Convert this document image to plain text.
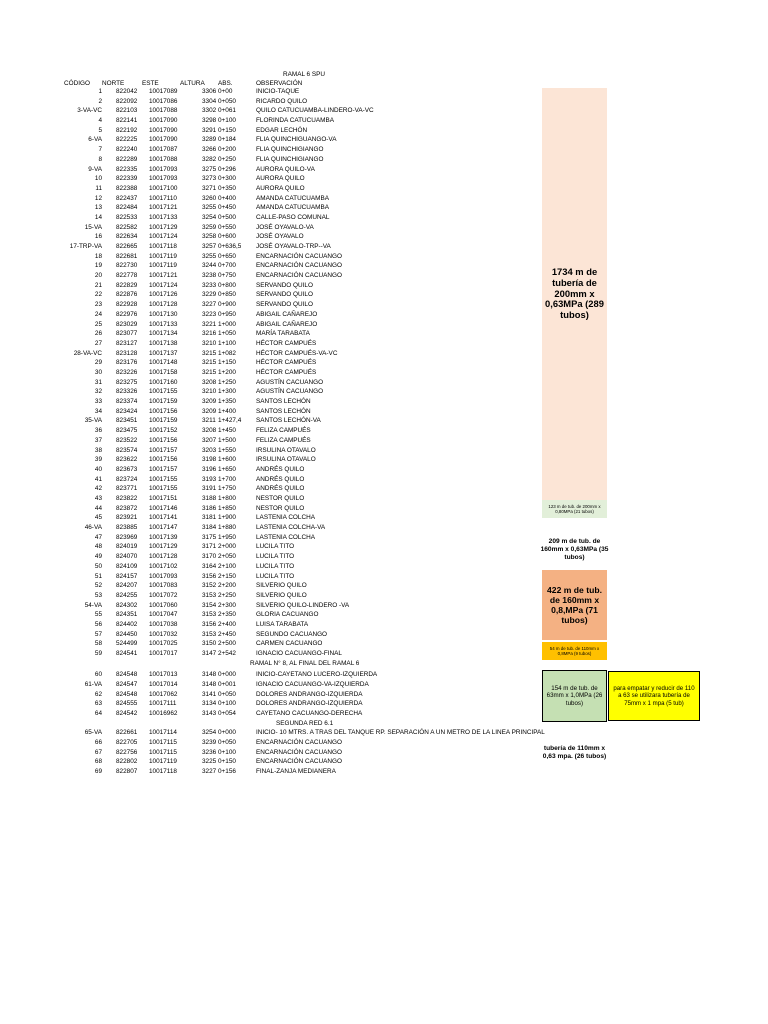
RAMAL 6 SPU
CÓDIGO NORTE	ESTE	ALTURA ABS.	OBSERVACIÓN
1 822042 10017089	3306 0+00	INICIO-TAQUE
2 822092 10017086	3304 0+050	RICARDO QUILO
3-VA-VC 822103 10017088	3302 0+061	QUILO CATUCUAMBA-LINDERO-VA-VC
4 822141 10017090	3298 0+100	FLORINDA CATUCUAMBA
5 822192 10017090	3291 0+150	EDGAR LECHÓN
6-VA 822225 10017090	3289 0+184	FLIA QUINCHIGUANGO-VA
7 822240 10017087	3266 0+200	FLIA QUINCHIGIANGO
8 822289 10017088	3282 0+250	FLIA QUINCHIGIANGO
9-VA 822335 10017093	3275 0+296	AURORA QUILO-VA
10 822339 10017093	3273 0+300	AURORA QUILO
11 822388 10017100	3271 0+350	AURORA QUILO
12 822437 10017110	3260 0+400	AMANDA CATUCUAMBA
13 822484 10017121	3255 0+450	AMANDA CATUCUAMBA
14 822533 10017133	3254 0+500	CALLE-PASO COMUNAL
15-VA 822582 10017129	3259 0+550	JOSÉ OYAVALO-VA
16 822634 10017124	3258 0+600	JOSÉ OYAVALO
17-TRP-VA 822665 10017118	3257 0+636,5 JOSÉ OYAVALO-TRP--VA
18 822681 10017119	3255 0+650	ENCARNACIÓN CACUANGO
19 822730 10017119	3244 0+700	ENCARNACIÓN CACUANGO
20 822778 10017121	3238 0+750	ENCARNACIÓN CACUANGO
21 822829 10017124	3233 0+800	SERVANDO QUILO
22 822876 10017126	3229 0+850	SERVANDO QUILO
23 822928 10017128	3227 0+900	SERVANDO QUILO
24 822976 10017130	3223 0+950	ABIGAIL CAÑAREJO
25 823029 10017133	3221 1+000	ABIGAIL CAÑAREJO
26 823077 10017134	3216 1+050	MARÍA TARABATA
27 823127 10017138	3210 1+100	HÉCTOR CAMPUÉS
28-VA-VC 823128 10017137	3215 1+082	HÉCTOR CAMPUÉS-VA-VC
29 823176 10017148	3215 1+150	HÉCTOR CAMPUÉS
30 823226 10017158	3215 1+200	HÉCTOR CAMPUÉS
31 823275 10017160	3208 1+250	AGUSTÍN CACUANGO
32 823326 10017155	3210 1+300	AGUSTÍN CACUANGO
33 823374 10017159	3209 1+350	SANTOS LECHÓN
34 823424 10017156	3209 1+400	SANTOS LECHÓN
35-VA 823451 10017159	3211 1+427,4 SANTOS LECHÓN-VA
36 823475 10017152	3208 1+450	FELIZA CAMPUÉS
37 823522 10017156	3207 1+500	FELIZA CAMPUÉS
38 823574 10017157	3203 1+550	IRSULINA OTAVALO
39 823622 10017156	3198 1+600	IRSULINA OTAVALO
40 823673 10017157	3196 1+650	ANDRÉS QUILO
41 823724 10017155	3193 1+700	ANDRÉS QUILO
42 823771 10017155	3191 1+750	ANDRÉS QUILO
43 823822 10017151	3188 1+800	NESTOR QUILO
44 823872 10017146	3186 1+850	NESTOR QUILO
45 823921 10017141	3181 1+900	LASTENIA COLCHA
46-VA 823885 10017147	3184 1+880	LASTENIA COLCHA-VA
47 823969 10017139	3175 1+950	LASTENIA COLCHA
48 824019 10017129	3171 2+000	LUCILA TITO
49 824070 10017128	3170 2+050	LUCILA TITO
50 824109 10017102	3164 2+100	LUCILA TITO
51 824157 10017093	3156 2+150	LUCILA TITO
52 824207 10017083	3152 2+200	SILVERIO QUILO
53 824255 10017072	3153 2+250	SILVERIO QUILO
54-VA 824302 10017060	3154 2+300	SILVERIO QUILO-LINDERO -VA
55 824351 10017047	3153 2+350	GLORIA CACUANGO
56 824402 10017038	3156 2+400	LUISA TARABATA
57 824450 10017032	3153 2+450	SEGUNDO CACUANGO
58 524499 10017025	3150 2+500	CARMEN CACUANGO
59 824541 10017017	3147 2+542	IGNACIO CACUANGO-FINAL
RAMAL N° 8, AL FINAL DEL RAMAL 6
60 824548 10017013	3148 0+000	INICIO-CAYETANO LUCERO-IZQUIERDA
61-VA 824547 10017014	3148 0+001	IGNACIO CACUANGO-VA-IZQUIERDA
62 824548 10017062	3141 0+050	DOLORES ANDRANGO-IZQUIERDA
63 824555 10017111	3134 0+100	DOLORES ANDRANGO-IZQUIERDA
64 824542 10016962	3143 0+054	CAYETANO CACUANGO-DERECHA
SEGUNDA RED 6.1
65-VA 822661 10017114	3254 0+000	INICIO- 10 MTRS. A TRAS DEL TANQUE RP. SEPARACIÓN A UN METRO DE LA LINEA PRINCIPAL
66 822705 10017115	3239 0+050	ENCARNACIÓN CACUANGO
67 822756 10017115	3236 0+100	ENCARNACIÓN CACUANGO
68 822802 10017119	3225 0+150	ENCARNACIÓN CACUANGO
69 822807 10017118	3227 0+156	FINAL-ZANJA MEDIANERA
1734 m de tubería de 200mm x 0,63MPa (289 tubos)
123 m de tub. de 200mm x 0,80MPa (21 tubos)
209 m de tub. de 160mm x 0,63MPa (35 tubos)
422 m de tub. de 160mm x 0,8,MPa (71 tubos)
54 m de tub. de 110mm x 0,8MPa (9 tubos)
154 m de tub. de 63mm x 1,0MPa (26 tubos)
para empatar y reducir de 110 a 63 se utilizara tubería de 75mm x 1 mpa (5 tub)
tubería de 110mm x 0,63 mpa. (26 tubos)
